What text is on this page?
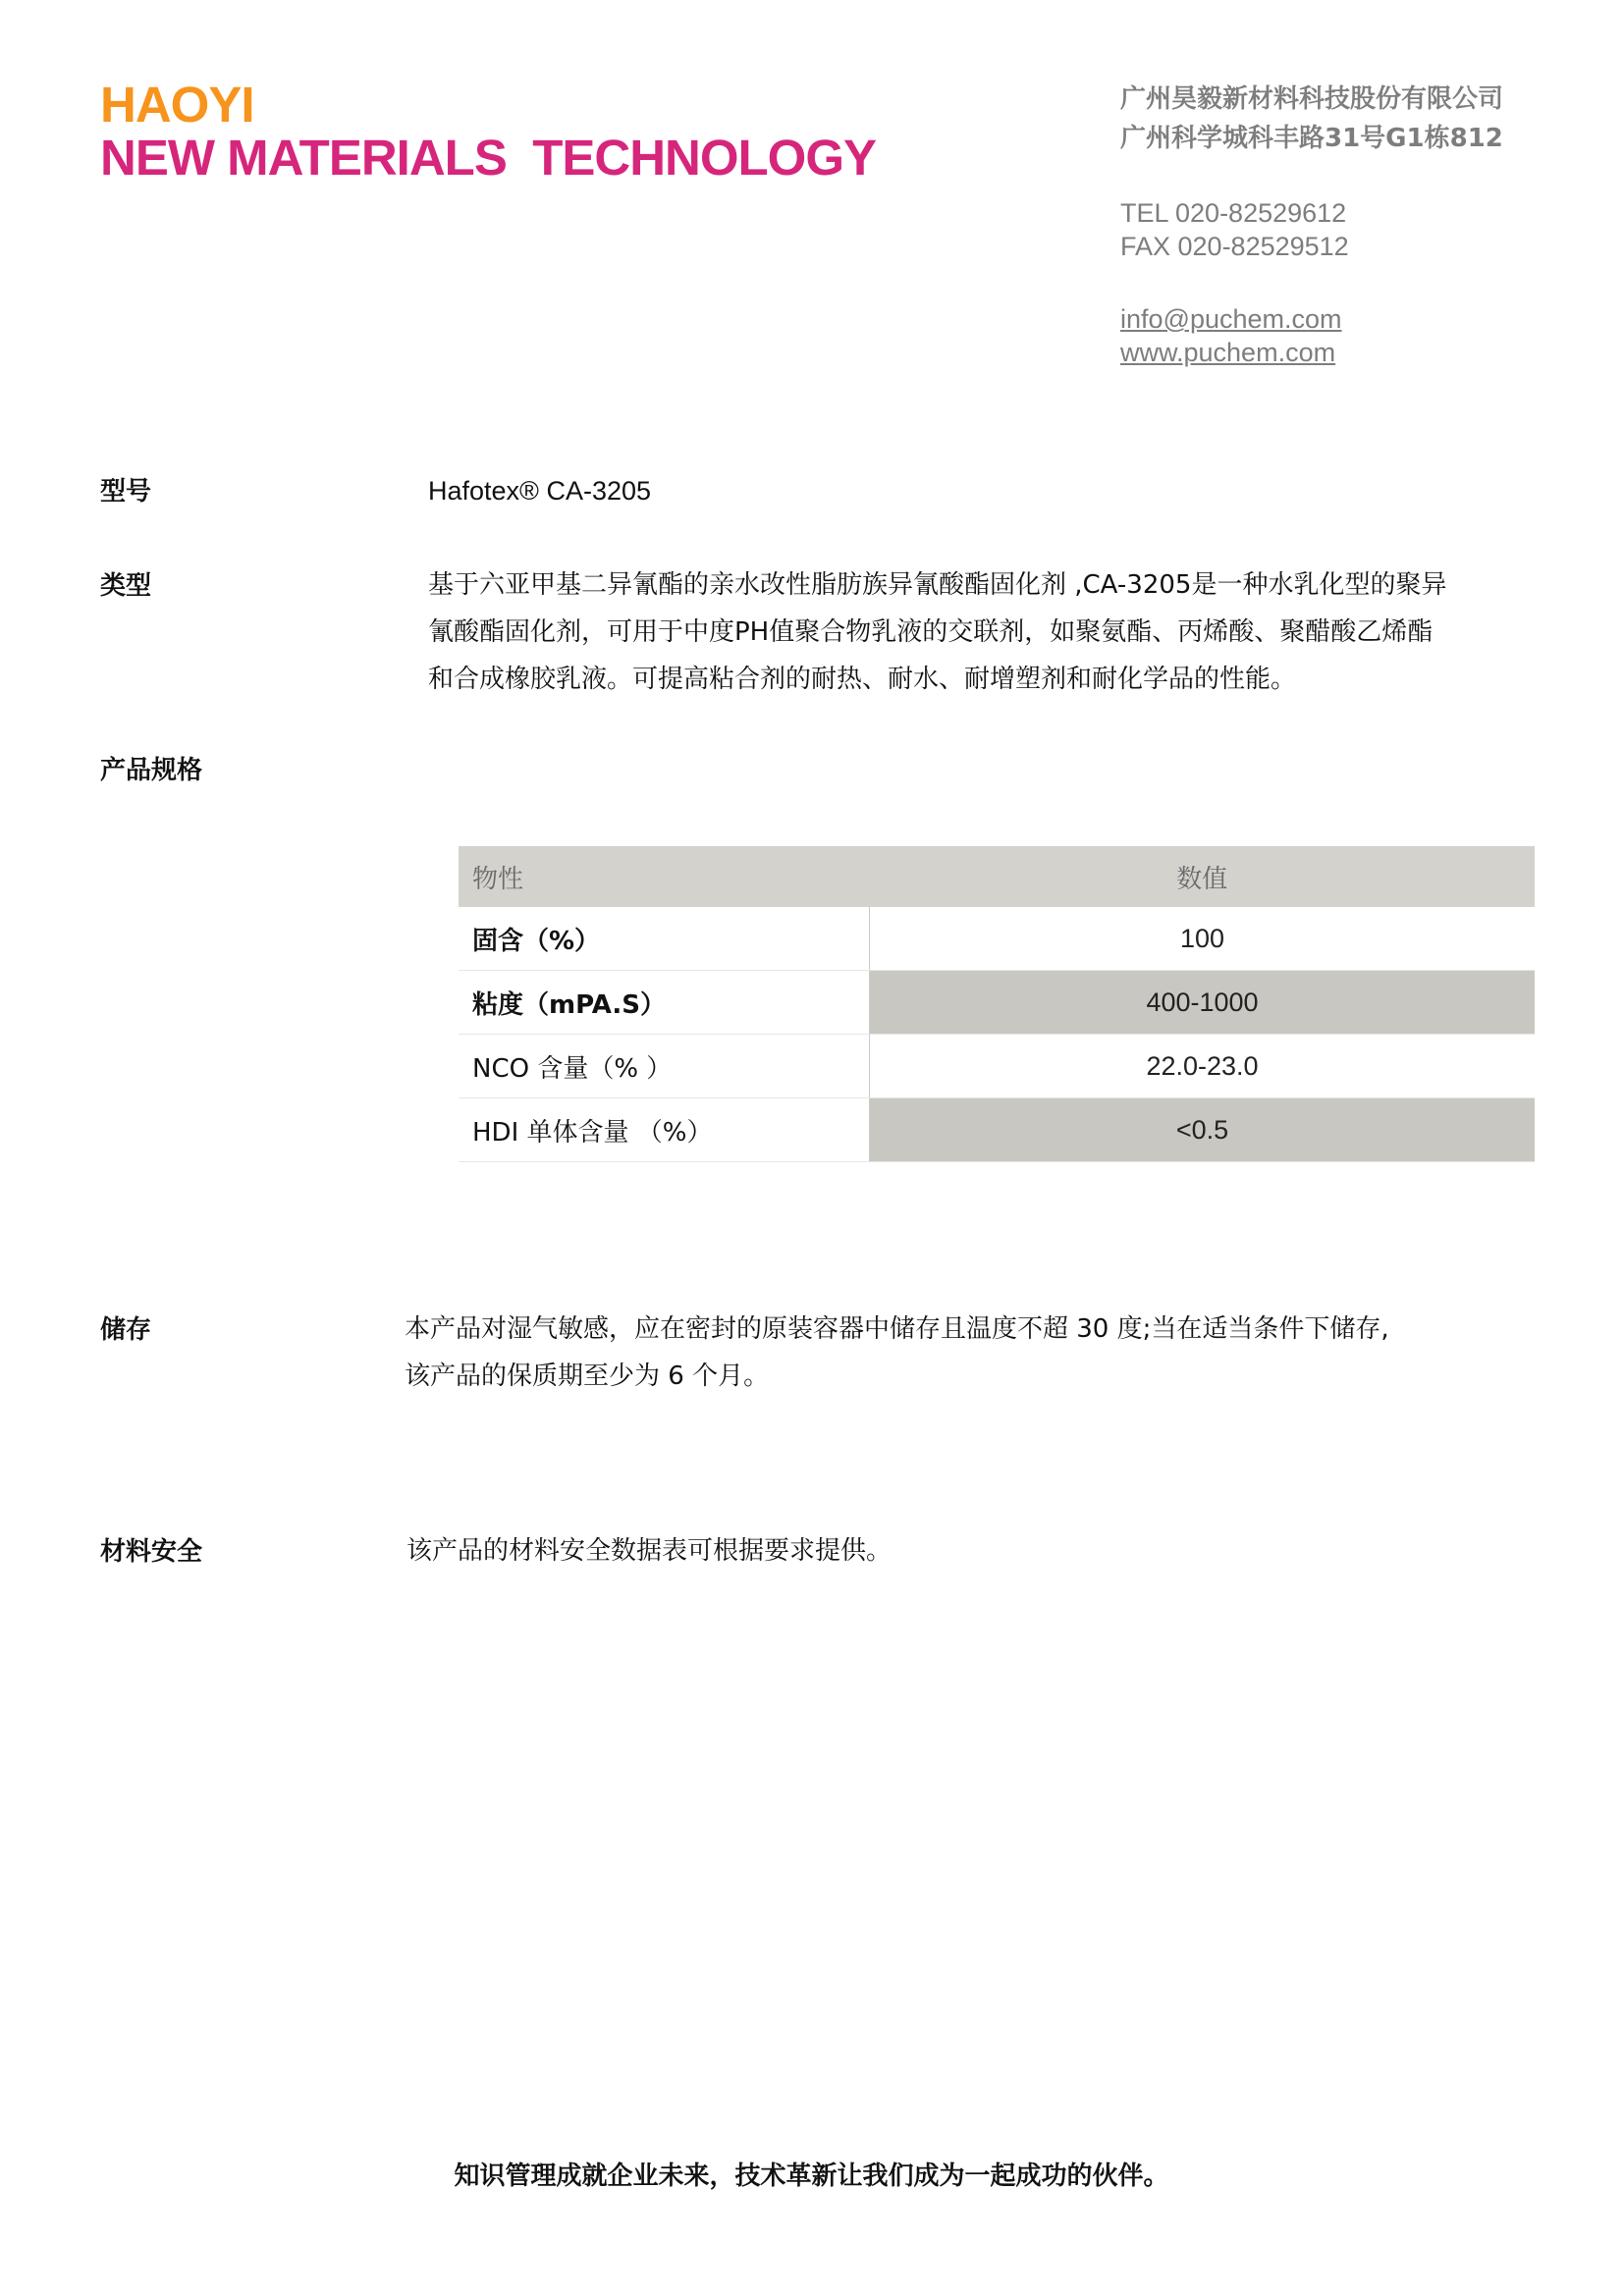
HAOYI
NEW MATERIALS  TECHNOLOGY
广州昊毅新材料科技股份有限公司
广州科学城科丰路31号G1栋812
TEL 020-82529612
FAX 020-82529512
info@puchem.com
www.puchem.com
型号	Hafotex® CA-3205
类型	基于六亚甲基二异氰酯的亲水改性脂肪族异氰酸酯固化剂 ,CA-3205是一种水乳化型的聚异
氰酸酯固化剂，可用于中度PH值聚合物乳液的交联剂，如聚氨酯、丙烯酸、聚醋酸乙烯酯
和合成橡胶乳液。可提高粘合剂的耐热、耐水、耐增塑剂和耐化学品的性能。
产品规格
物性	数值
固含（%）	100
粘度（mPA.S）	400-1000
NCO 含量（% ）	22.0-23.0
HDI 单体含量 （%）	<0.5
储存	本产品对湿气敏感，应在密封的原装容器中储存且温度不超 30 度;当在适当条件下储存,
该产品的保质期至少为 6 个月。
材料安全	该产品的材料安全数据表可根据要求提供。
知识管理成就企业未来，技术革新让我们成为一起成功的伙伴。
